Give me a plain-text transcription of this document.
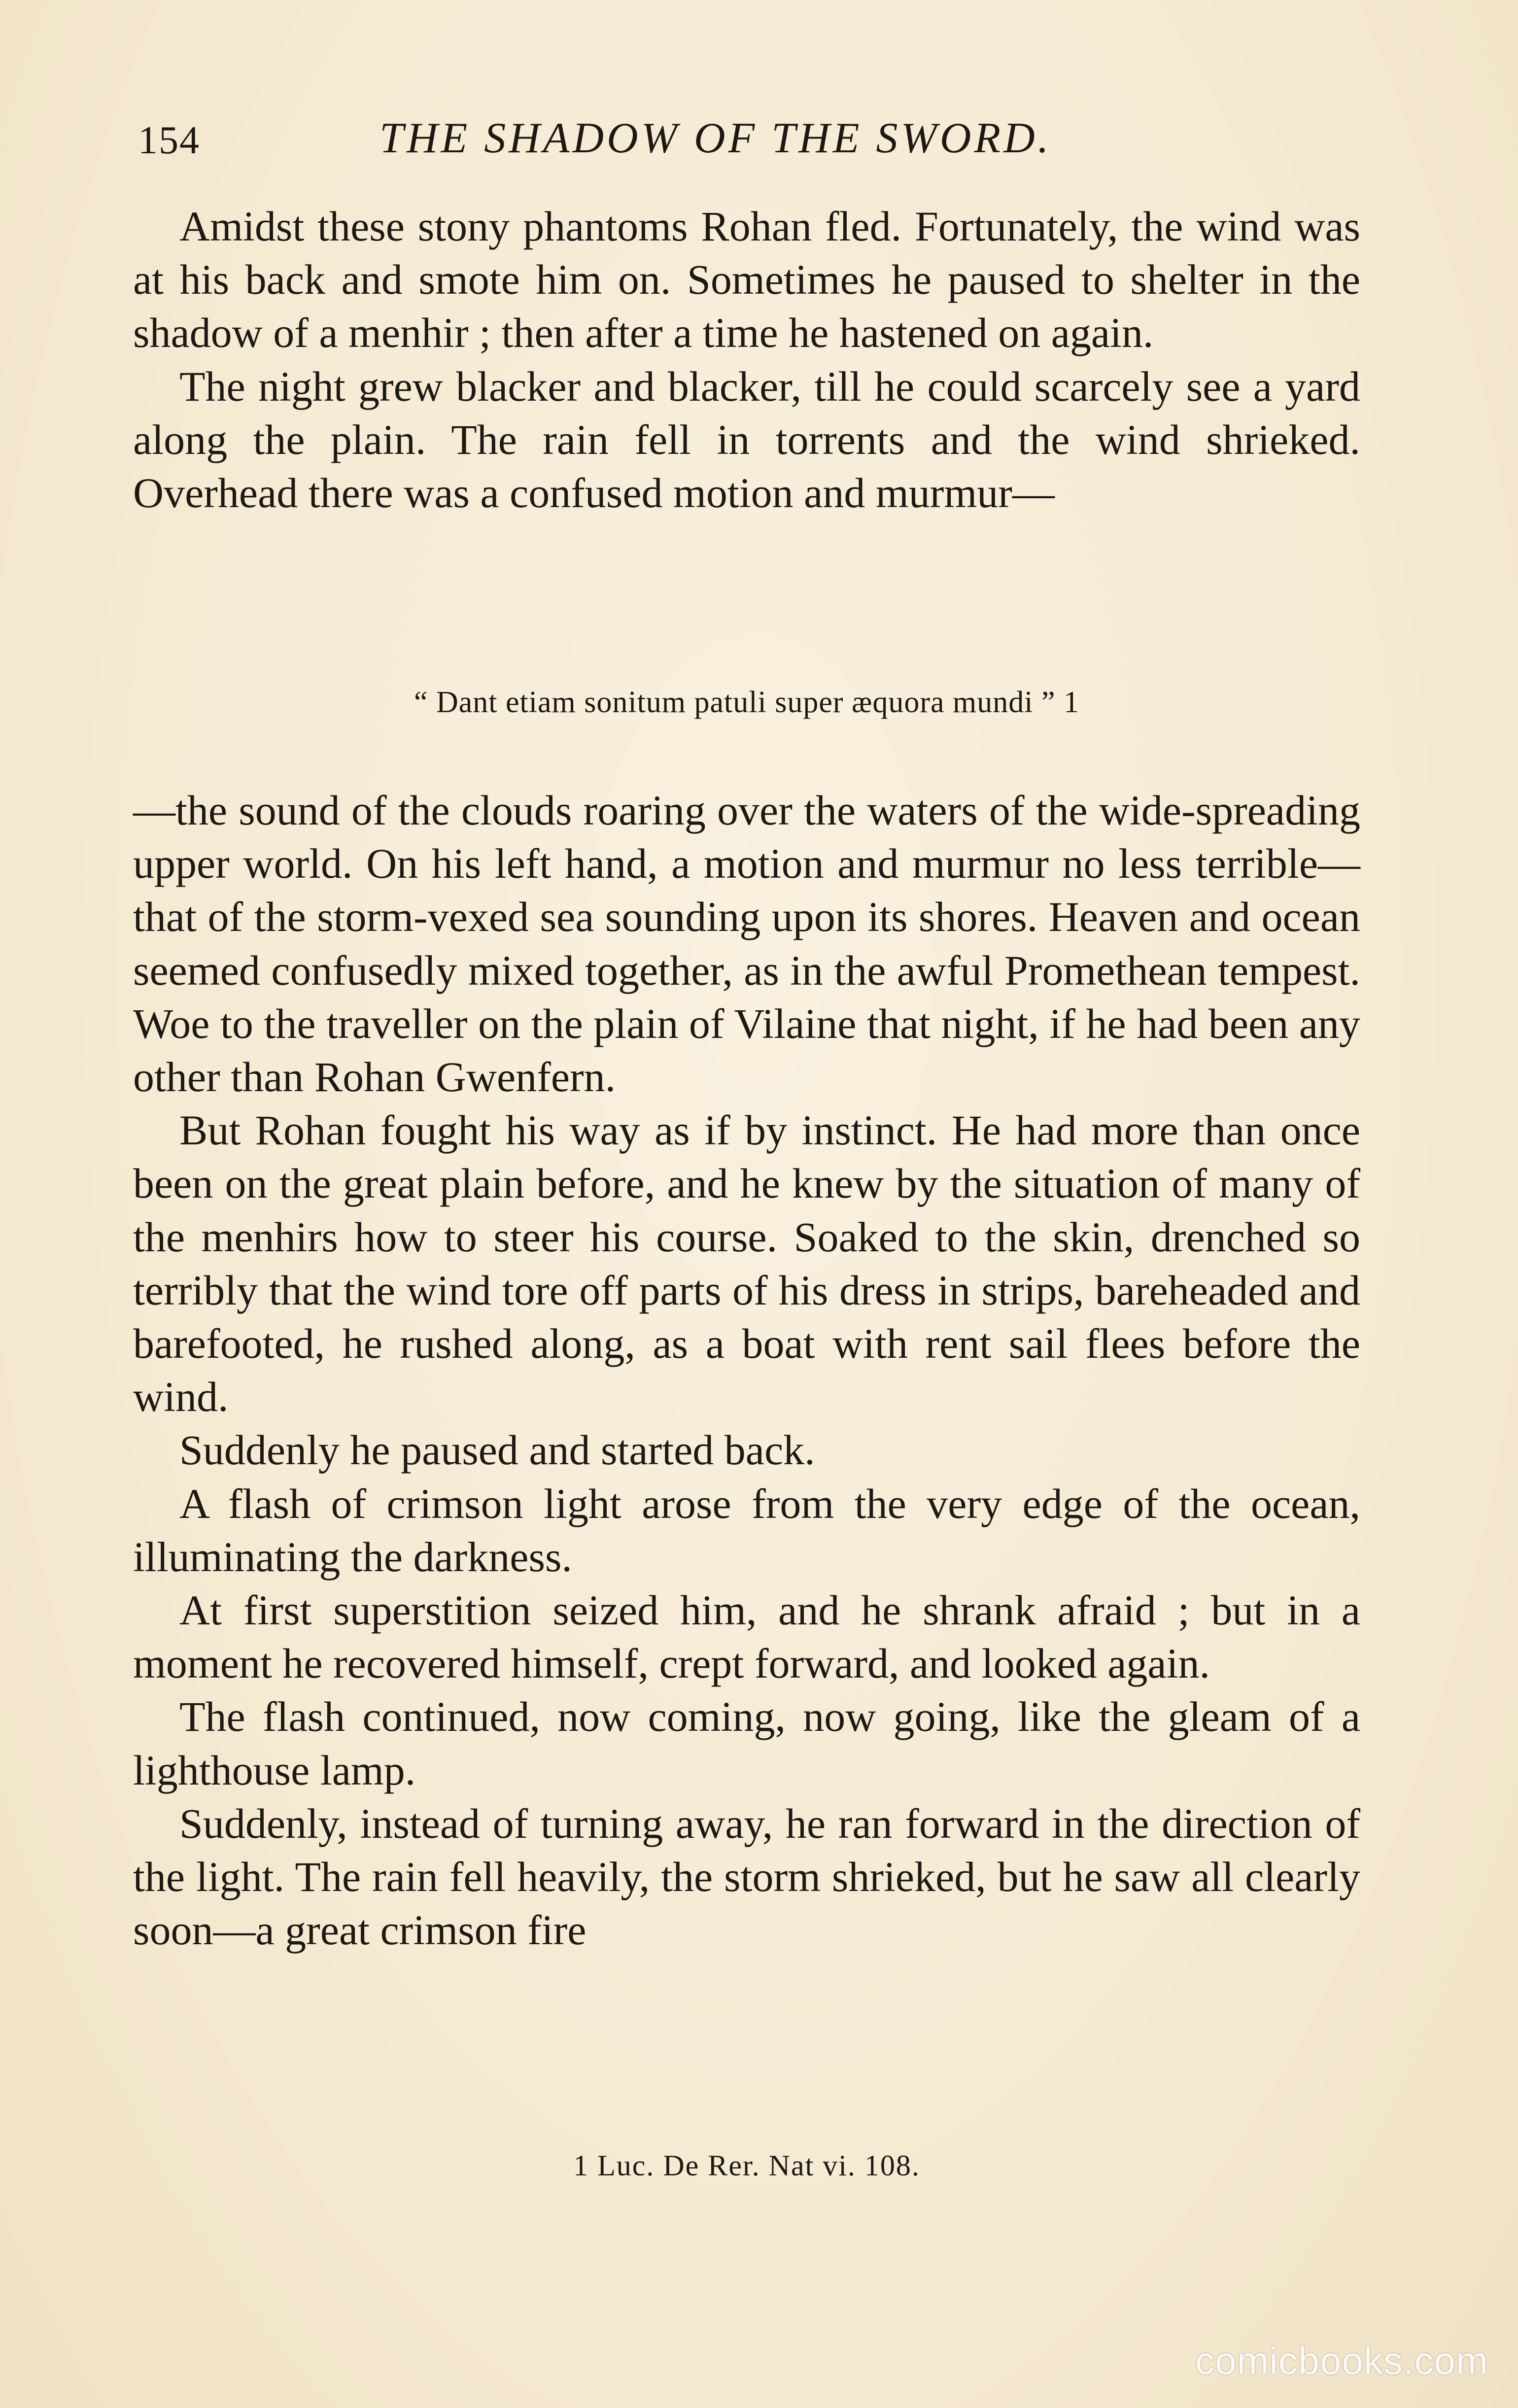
154	THE SHADOW OF THE SWORD.

Amidst these stony phantoms Rohan fled. Fortunately, the wind was at his back and smote him on. Sometimes he paused to shelter in the shadow of a menhir ; then after a time he hastened on again.

The night grew blacker and blacker, till he could scarcely see a yard along the plain. The rain fell in torrents and the wind shrieked. Overhead there was a confused motion and murmur—

“ Dant etiam sonitum patuli super æquora mundi ” 1

—the sound of the clouds roaring over the waters of the wide-spreading upper world. On his left hand, a motion and murmur no less terrible—that of the storm-vexed sea sounding upon its shores. Heaven and ocean seemed confusedly mixed together, as in the awful Promethean tempest. Woe to the traveller on the plain of Vilaine that night, if he had been any other than Rohan Gwenfern.

But Rohan fought his way as if by instinct. He had more than once been on the great plain before, and he knew by the situation of many of the menhirs how to steer his course. Soaked to the skin, drenched so terribly that the wind tore off parts of his dress in strips, bareheaded and barefooted, he rushed along, as a boat with rent sail flees before the wind.

Suddenly he paused and started back.

A flash of crimson light arose from the very edge of the ocean, illuminating the darkness.

At first superstition seized him, and he shrank afraid ; but in a moment he recovered himself, crept forward, and looked again.

The flash continued, now coming, now going, like the gleam of a lighthouse lamp.

Suddenly, instead of turning away, he ran forward in the direction of the light. The rain fell heavily, the storm shrieked, but he saw all clearly soon—a great crimson fire

1 Luc. De Rer. Nat vi. 108.
comicbooks.com
